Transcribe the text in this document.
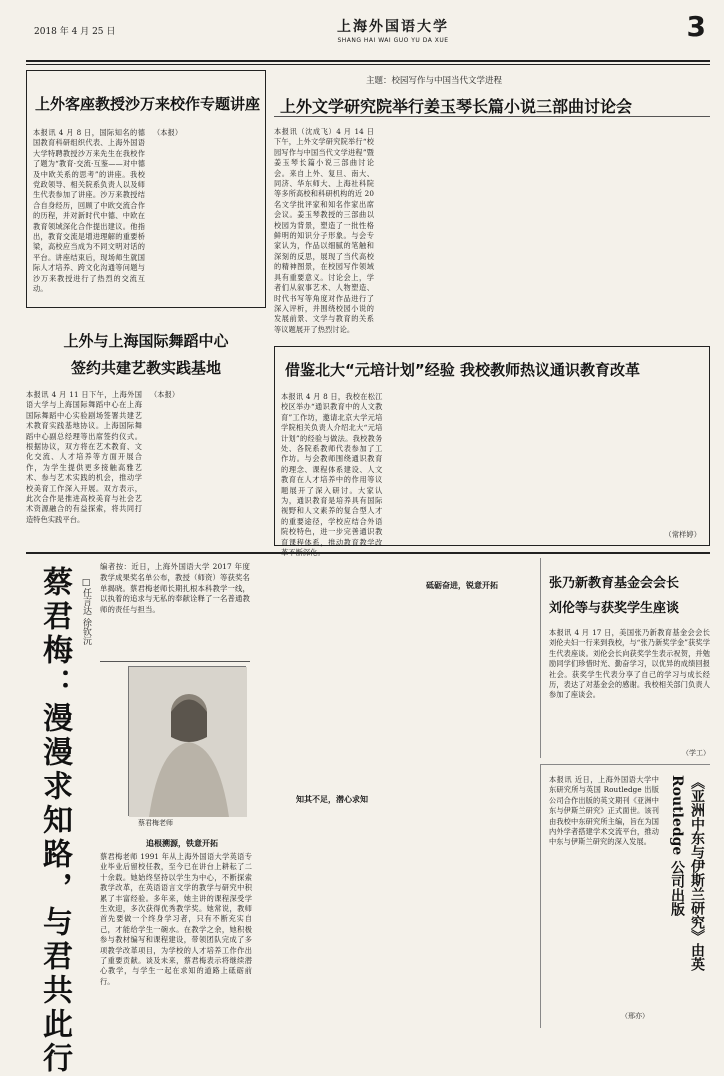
2018 年 4 月 25 日	上海外国语大学
SHANG HAI WAI GUO YU DA XUE	3
上外客座教授沙万来校作专题讲座
本报讯 4 月 8 日，国际知名的德国教育科研组织代表、上海外国语大学特聘教授沙万来先生在我校作了题为“教育·交流·互鉴——对中德及中欧关系的思考”的讲座。我校党政领导、相关院系负责人以及师生代表参加了讲座。沙万来教授结合自身经历，回顾了中欧交流合作的历程，并对新时代中德、中欧在教育领域深化合作提出建议。他指出，教育交流是增进理解的重要桥梁，高校应当成为不同文明对话的平台。讲座结束后，现场师生就国际人才培养、跨文化沟通等问题与沙万来教授进行了热烈的交流互动。
（本报）
上外与上海国际舞蹈中心
签约共建艺教实践基地
本报讯 4 月 11 日下午，上海外国语大学与上海国际舞蹈中心在上海国际舞蹈中心实验剧场签署共建艺术教育实践基地协议。上海国际舞蹈中心副总经理等出席签约仪式。根据协议，双方将在艺术教育、文化交流、人才培养等方面开展合作，为学生提供更多接触高雅艺术、参与艺术实践的机会，推动学校美育工作深入开展。双方表示，此次合作是推进高校美育与社会艺术资源融合的有益探索，将共同打造特色实践平台。
（本报）
主题：校园写作与中国当代文学进程
上外文学研究院举行姜玉琴长篇小说三部曲讨论会
本报讯（沈成飞）4 月 14 日下午，上外文学研究院举行“校园写作与中国当代文学进程”暨姜玉琴长篇小说三部曲讨论会。来自上外、复旦、南大、同济、华东师大、上海社科院等多所高校和科研机构的近 20 名文学批评家和知名作家出席会议。姜玉琴教授的三部曲以校园为背景，塑造了一批性格鲜明的知识分子形象。与会专家认为，作品以细腻的笔触和深刻的反思，展现了当代高校的精神图景，在校园写作领域具有重要意义。讨论会上，学者们从叙事艺术、人物塑造、时代书写等角度对作品进行了深入评析，并围绕校园小说的发展前景、文学与教育的关系等议题展开了热烈讨论。
借鉴北大“元培计划”经验 我校教师热议通识教育改革
本报讯 4 月 8 日，我校在松江校区举办“通识教育中的人文教育”工作坊，邀请北京大学元培学院相关负责人介绍北大“元培计划”的经验与做法。我校教务处、各院系教师代表参加了工作坊。与会教师围绕通识教育的理念、课程体系建设、人文教育在人才培养中的作用等议题展开了深入研讨。大家认为，通识教育是培养具有国际视野和人文素养的复合型人才的重要途径，学校应结合外语院校特色，进一步完善通识教育课程体系，推动教育教学改
（常样婷）
蔡君梅：漫漫求知路，与君共此行	□任言达 徐钦沅
编者按：近日，上海外国语大学 2017 年度教学成果奖名单公布，教授（师资）等获奖名单揭晓。蔡君梅老师长期扎根本科教学一线，以执着的追求与无私的奉献诠释了一名普通教师的责任与担当。
蔡君梅老师
追根溯源，铁意开拓
蔡君梅老师 1991 年从上海外国语大学英语专业毕业后留校任教，至今已在讲台上耕耘了二十余载。她始终坚持以学生为中心，不断探索教学改革，在英语语言文学的教学与研究中积累了丰富经验。多年来，她主讲的课程深受学生欢迎，多次获得优秀教学奖。她常说，教师首先要做一个终身学习者，只有不断充实自己，才能给学生一碗水。在教学之余，她积极参与教材编写和课程建设，带领团队完成了多项教学改革项目，为学校的人才培养工作作出了重要贡献。谈及未来，蔡君梅表示将继续潜心教学，与学生一起在求知的道路上砥砺前行。
知其不足，潜心求知
砥砺奋进，锐意开拓	张乃新教育基金会会长
刘伦等与获奖学生座谈
本报讯 4 月 17 日，美国张乃新教育基金会会长刘伦夫妇一行来到我校，与“张乃新奖学金”获奖学生代表座谈。刘伦会长向获奖学生表示祝贺，并勉励同学们珍惜时光、勤奋学习，以优异的成绩回报社会。获奖学生代表分享了自己的学习与成长经历，表达了对基金会的感谢。我校相关部门负责人参加了座谈会。
（学工）
本报讯 近日，上海外国语大学中东研究所与英国 Routledge 出版公司合作出版的英文期刊《亚洲中东与伊斯兰研究》正式面世。该刊由我校中东研究所主编，旨在为国内外学者搭建学术交流平台，推动中东与伊斯兰研究的深入发展。	《亚洲中东与伊斯兰研究》由英 Routledge 公司出版
（邢亦）
